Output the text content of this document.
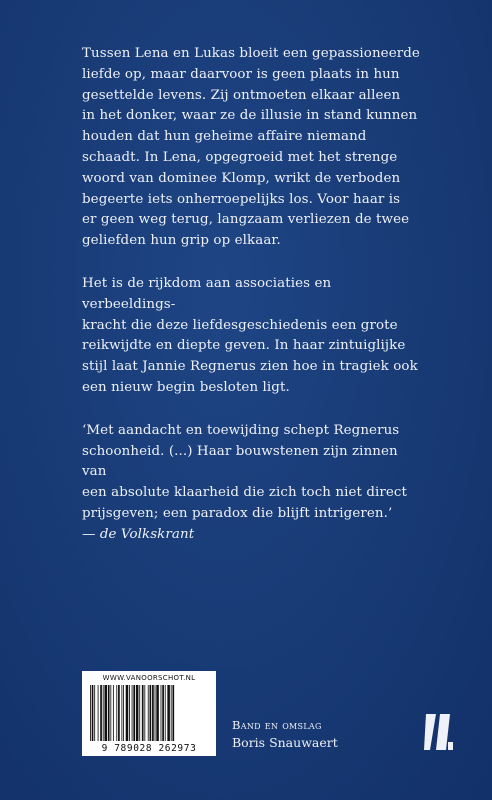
Tussen Lena en Lukas bloeit een gepassioneerde
liefde op, maar daarvoor is geen plaats in hun
gesettelde levens. Zij ontmoeten elkaar alleen
in het donker, waar ze de illusie in stand kunnen
houden dat hun geheime affaire niemand
schaadt. In Lena, opgegroeid met het strenge
woord van dominee Klomp, wrikt de verboden
begeerte iets onherroepelijks los. Voor haar is
er geen weg terug, langzaam verliezen de twee
geliefden hun grip op elkaar.

Het is de rijkdom aan associaties en verbeeldings-
kracht die deze liefdesgeschiedenis een grote
reikwijdte en diepte geven. In haar zintuiglijke
stijl laat Jannie Regnerus zien hoe in tragiek ook
een nieuw begin besloten ligt.

‘Met aandacht en toewijding schept Regnerus
schoonheid. (...) Haar bouwstenen zijn zinnen van
een absolute klaarheid die zich toch niet direct
prijsgeven; een paradox die blijft intrigeren.’
— de Volkskrant

WWW.VANOORSCHOT.NL
9 789028 262973
Band en omslag
Boris Snauwaert
